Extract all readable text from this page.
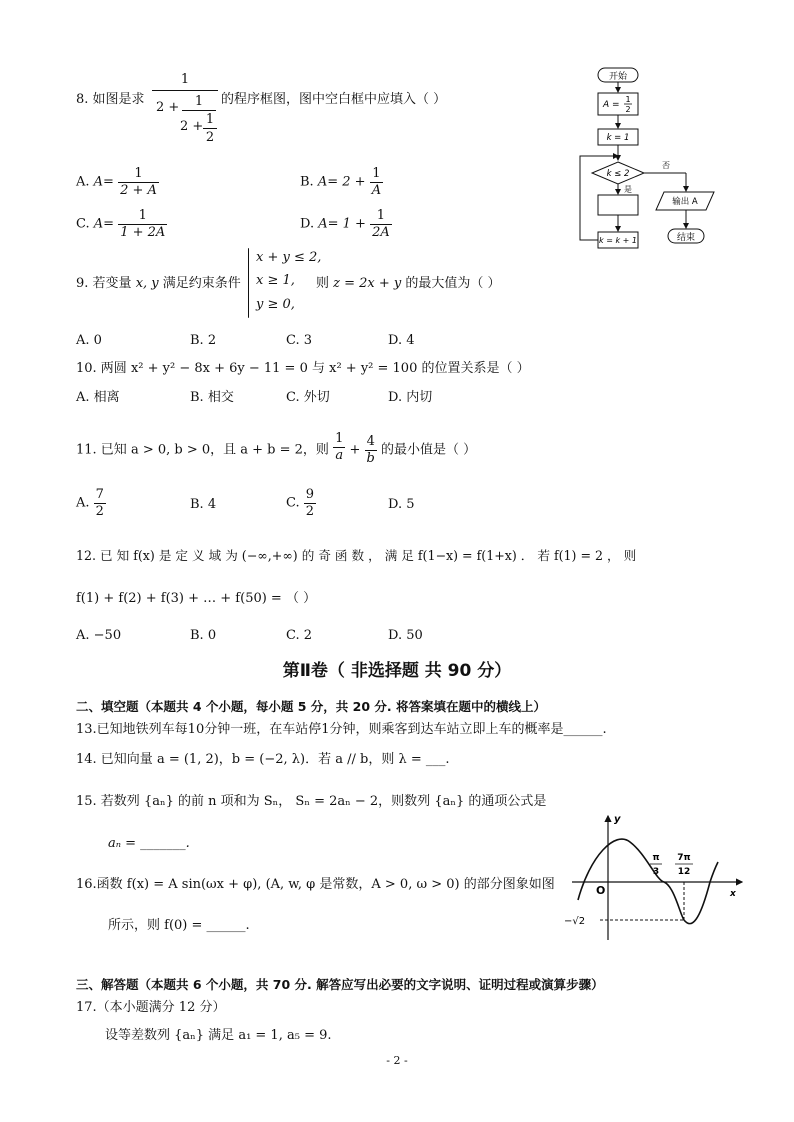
8. 如图是求
1
2 +	1
2 + 1
2
的程序框图，图中空白框中应填入（ ）
A. $A= \frac{1}{2 + A}$	B. $A= 2 + \frac{1}{A}$
C. $A= \frac{1}{1 + 2A}$	D. $A= 1 + \frac{1}{2A}$
开始
A =
1
2
k = 1
k ≤ 2
否
是
k = k + 1
输出 A
结束
9. 若变量 x, y 满足约束条件
x + y ≤ 2,
x ≥ 1,
y ≥ 0,
则 z = 2x + y 的最大值为（ ）
A. 0	B. 2	C. 3	D. 4
10. 两圆 x² + y² − 8x + 6y − 11 = 0 与 x² + y² = 100 的位置关系是（ ）
A. 相离	B. 相交	C. 外切	D. 内切
11. 已知 a > 0, b > 0，且 a + b = 2，则 $\frac{1}{a} + \frac{4}{b}$ 的最小值是（ ）
A. $\frac{7}{2}$	B. 4	C. $\frac{9}{2}$	D. 5
12. 已 知 f(x) 是 定 义 域 为 (−∞,+∞) 的 奇 函 数 ， 满 足 f(1−x) = f(1+x) ． 若 f(1) = 2 ， 则
f(1) + f(2) + f(3) + … + f(50) = （ ）
A. −50	B. 0	C. 2	D. 50
第Ⅱ卷（ 非选择题 共 90 分）
二、填空题（本题共 4 个小题，每小题 5 分，共 20 分. 将答案填在题中的横线上）
13.已知地铁列车每10分钟一班，在车站停1分钟，则乘客到达车站立即上车的概率是______.
14. 已知向量 a = (1, 2)，b = (−2, λ)．若 a // b，则 λ = ___.
15. 若数列 {aₙ} 的前 n 项和为 Sₙ， Sₙ = 2aₙ − 2，则数列 {aₙ} 的通项公式是
aₙ = _______.
16.函数 f(x) = A sin(ωx + φ), (A, w, φ 是常数，A > 0, ω > 0) 的部分图象如图
所示，则 f(0) = ______.
y
x
O
π
3
7π
12
−√2
三、解答题（本题共 6 个小题，共 70 分. 解答应写出必要的文字说明、证明过程或演算步骤）
17.（本小题满分 12 分）
设等差数列 {aₙ} 满足 a₁ = 1, a₅ = 9.
- 2 -
